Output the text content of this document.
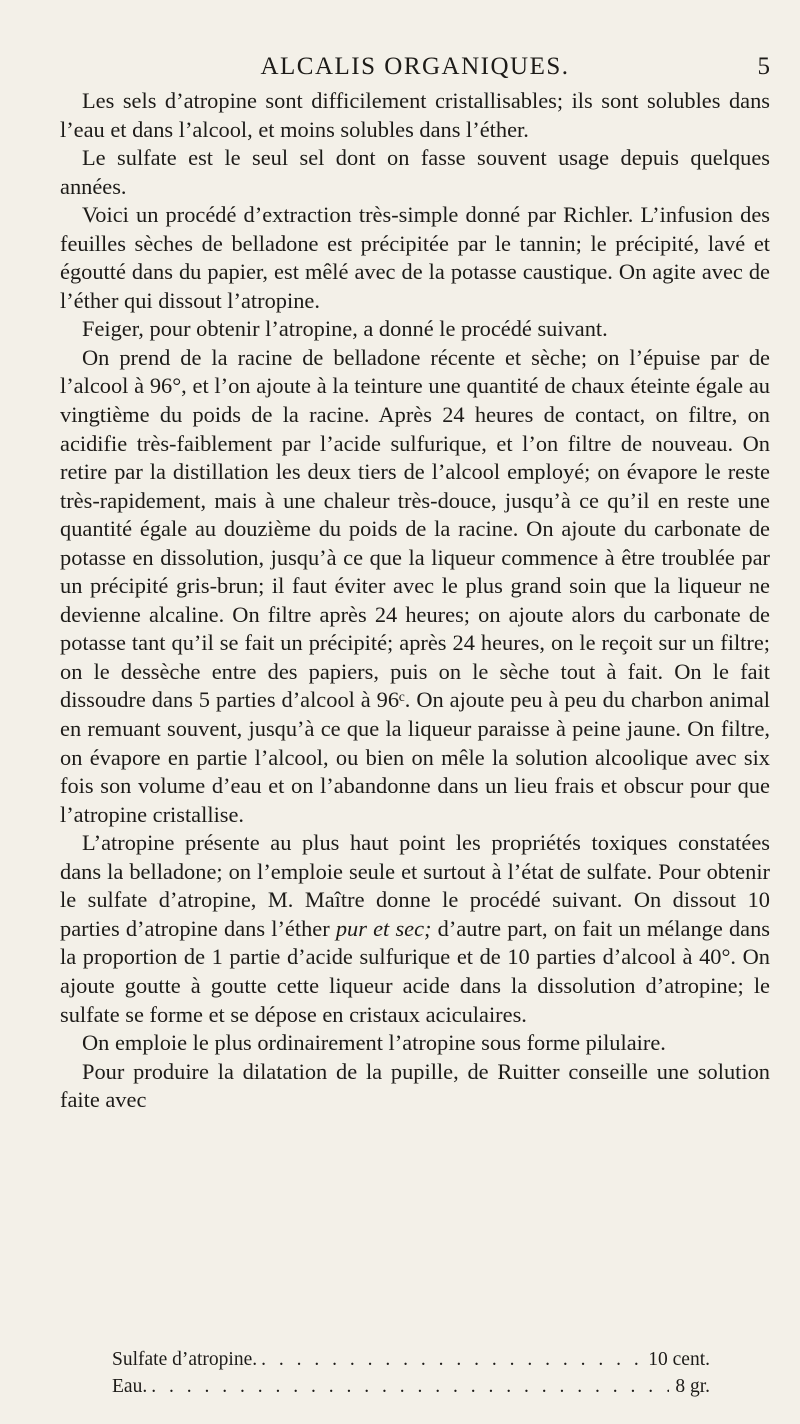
ALCALIS ORGANIQUES.	5

Les sels d’atropine sont difficilement cristallisables; ils sont solubles dans l’eau et dans l’alcool, et moins solubles dans l’éther.

Le sulfate est le seul sel dont on fasse souvent usage depuis quelques années.

Voici un procédé d’extraction très-simple donné par Richler. L’infusion des feuilles sèches de belladone est précipitée par le tannin; le précipité, lavé et égoutté dans du papier, est mêlé avec de la potasse caustique. On agite avec de l’éther qui dissout l’atropine.

Feiger, pour obtenir l’atropine, a donné le procédé suivant.

On prend de la racine de belladone récente et sèche; on l’épuise par de l’alcool à 96°, et l’on ajoute à la teinture une quantité de chaux éteinte égale au vingtième du poids de la racine. Après 24 heures de contact, on filtre, on acidifie très-faiblement par l’acide sulfurique, et l’on filtre de nouveau. On retire par la distillation les deux tiers de l’alcool employé; on évapore le reste très-rapidement, mais à une chaleur très-douce, jusqu’à ce qu’il en reste une quantité égale au douzième du poids de la racine. On ajoute du carbonate de potasse en dissolution, jusqu’à ce que la liqueur commence à être troublée par un précipité gris-brun; il faut éviter avec le plus grand soin que la liqueur ne devienne alcaline. On filtre après 24 heures; on ajoute alors du carbonate de potasse tant qu’il se fait un précipité; après 24 heures, on le reçoit sur un filtre; on le dessèche entre des papiers, puis on le sèche tout à fait. On le fait dissoudre dans 5 parties d’alcool à 96ᶜ. On ajoute peu à peu du charbon animal en remuant souvent, jusqu’à ce que la liqueur paraisse à peine jaune. On filtre, on évapore en partie l’alcool, ou bien on mêle la solution alcoolique avec six fois son volume d’eau et on l’abandonne dans un lieu frais et obscur pour que l’atropine cristallise.

L’atropine présente au plus haut point les propriétés toxiques constatées dans la belladone; on l’emploie seule et surtout à l’état de sulfate. Pour obtenir le sulfate d’atropine, M. Maître donne le procédé suivant. On dissout 10 parties d’atropine dans l’éther pur et sec; d’autre part, on fait un mélange dans la proportion de 1 partie d’acide sulfurique et de 10 parties d’alcool à 40°. On ajoute goutte à goutte cette liqueur acide dans la dissolution d’atropine; le sulfate se forme et se dépose en cristaux aciculaires.

On emploie le plus ordinairement l’atropine sous forme pilulaire.

Pour produire la dilatation de la pupille, de Ruitter conseille une solution faite avec

Sulfate d’atropine. . . .	10 cent.
Eau. . . .	8 gr.
